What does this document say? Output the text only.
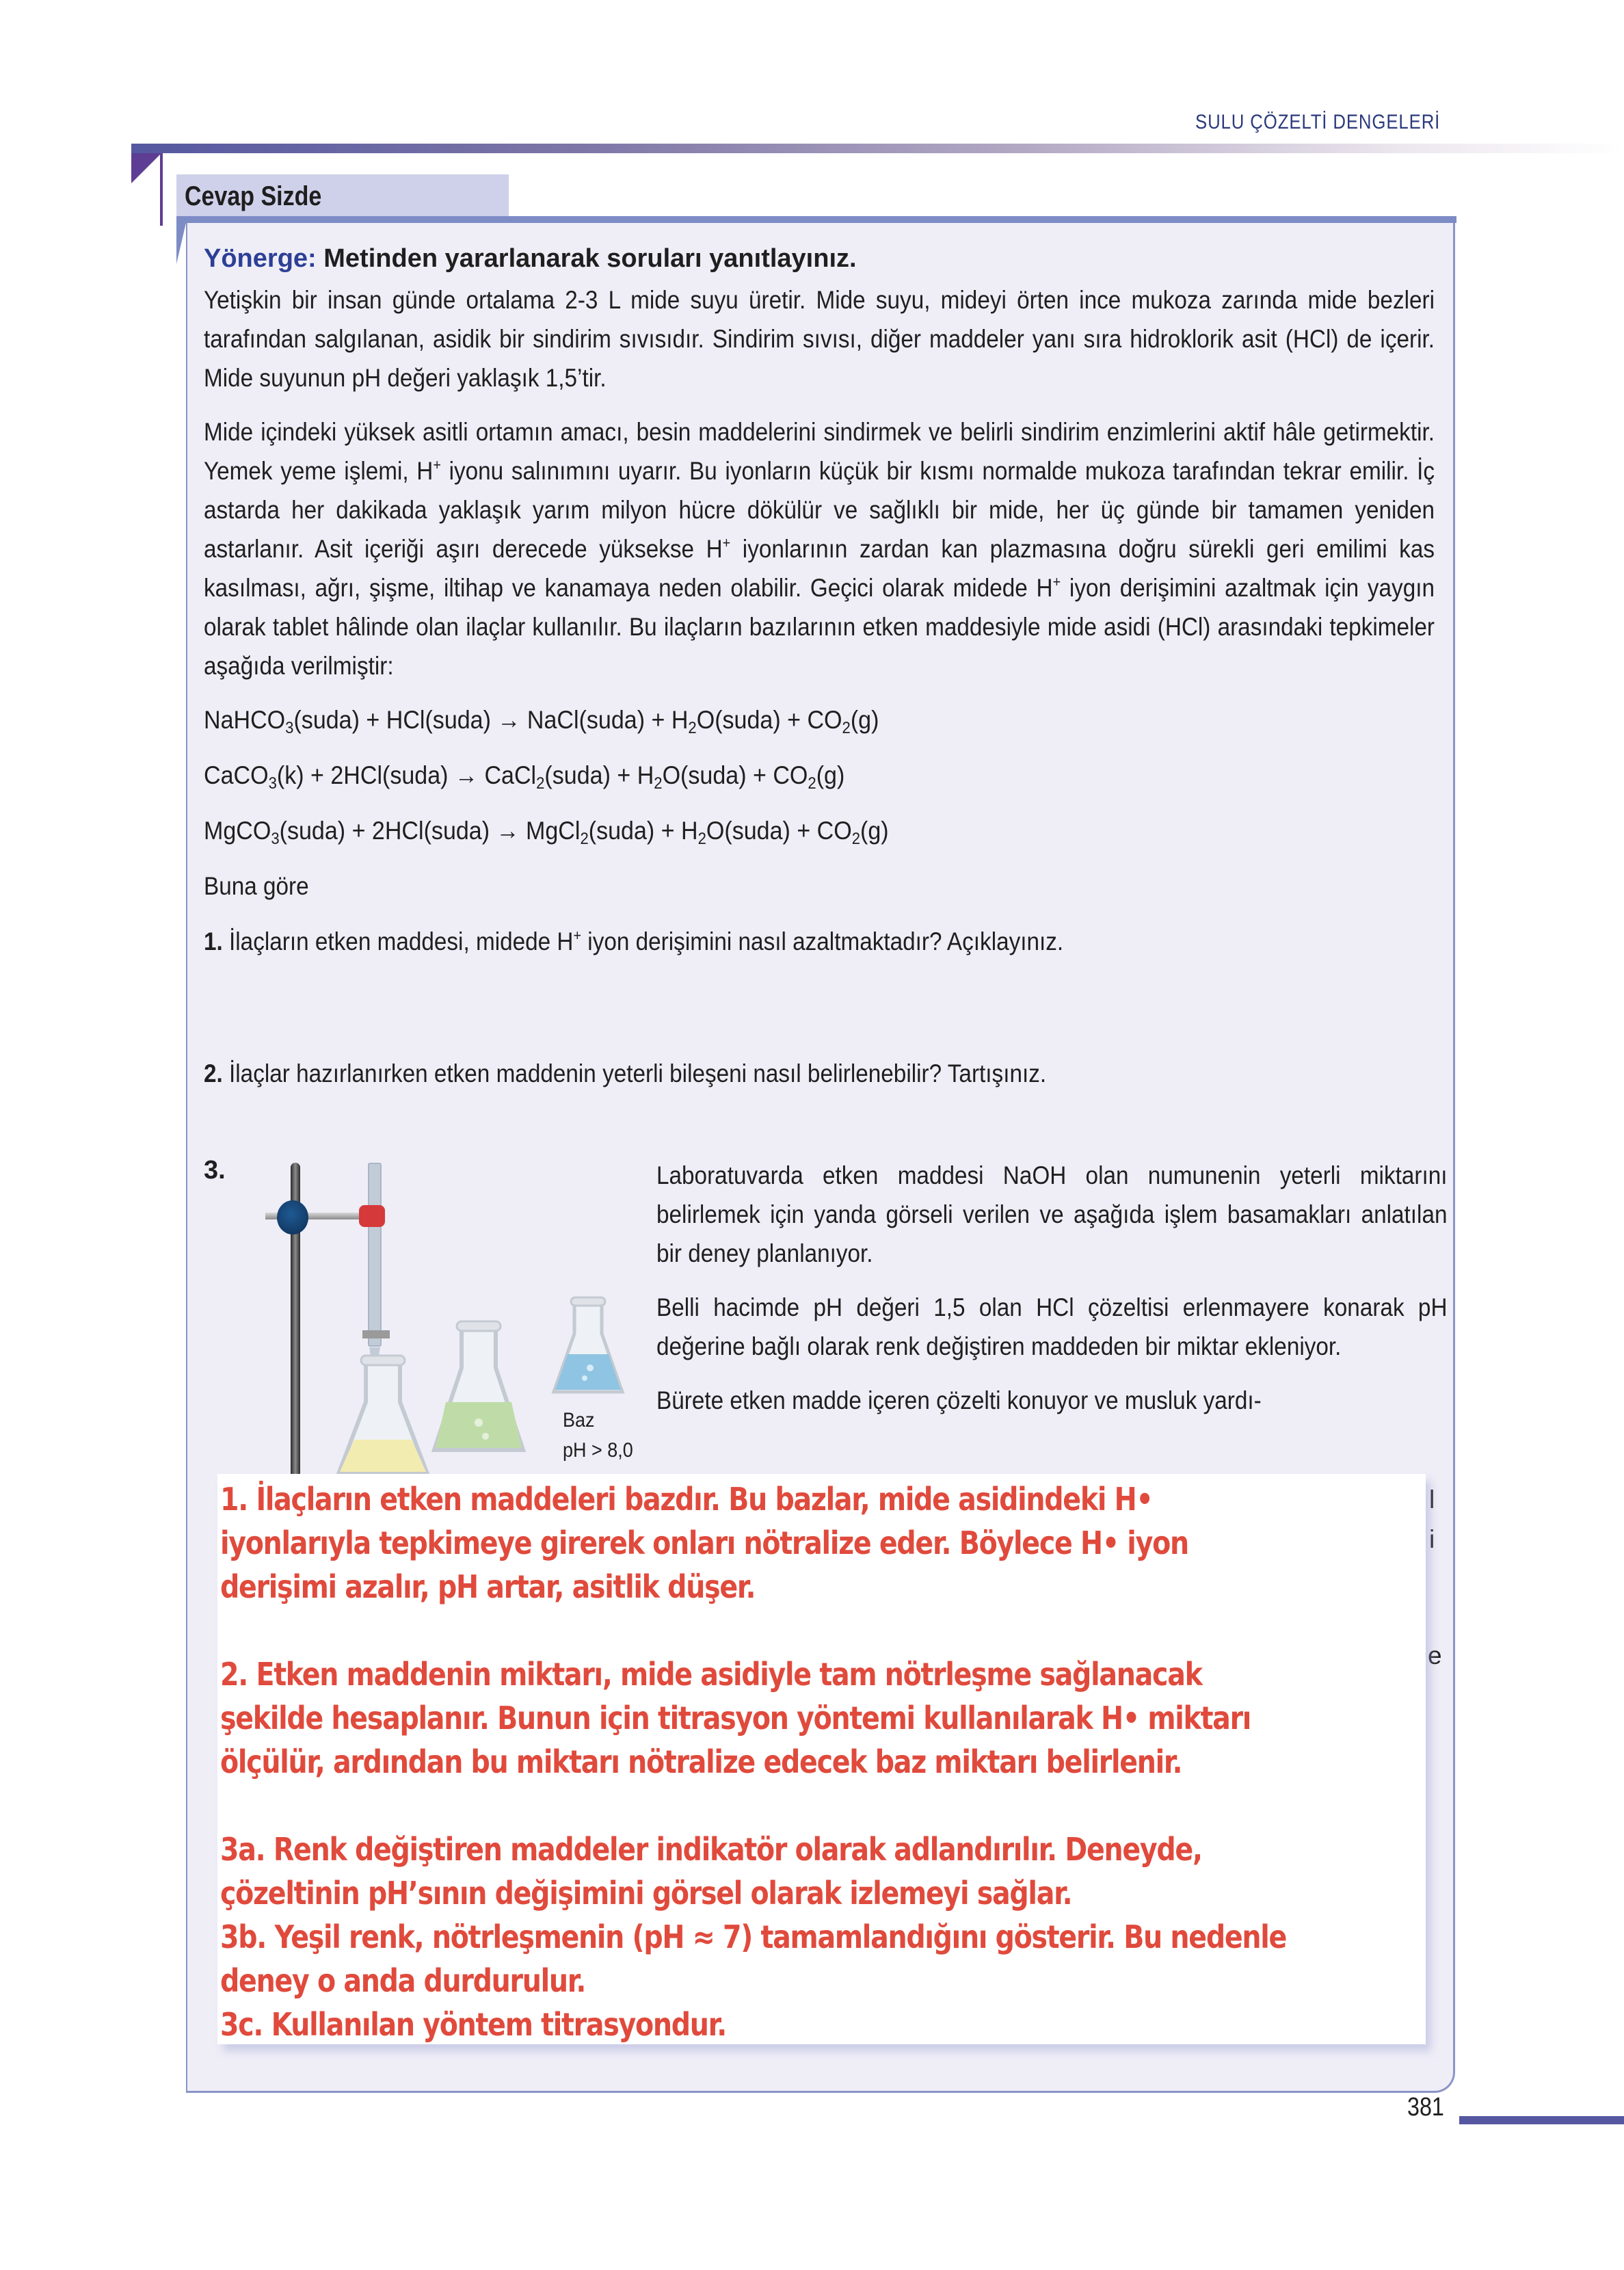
SULU ÇÖZELTİ DENGELERİ
Cevap Sizde

Yönerge: Metinden yararlanarak soruları yanıtlayınız.

Yetişkin bir insan günde ortalama 2-3 L mide suyu üretir. Mide suyu, mideyi örten ince mukoza zarında mide bezleri tarafından salgılanan, asidik bir sindirim sıvısıdır. Sindirim sıvısı, diğer maddeler yanı sıra hidroklorik asit (HCl) de içerir. Mide suyunun pH değeri yaklaşık 1,5’tir.

Mide içindeki yüksek asitli ortamın amacı, besin maddelerini sindirmek ve belirli sindirim enzimlerini aktif hâle getirmektir. Yemek yeme işlemi, H+ iyonu salınımını uyarır. Bu iyonların küçük bir kısmı normalde mukoza tarafından tekrar emilir. İç astarda her dakikada yaklaşık yarım milyon hücre dökülür ve sağlıklı bir mide, her üç günde bir tamamen yeniden astarlanır. Asit içeriği aşırı derecede yüksekse H+ iyonlarının zardan kan plazmasına doğru sürekli geri emilimi kas kasılması, ağrı, şişme, iltihap ve kanamaya neden olabilir. Geçici olarak midede H+ iyon derişimini azaltmak için yaygın olarak tablet hâlinde olan ilaçlar kullanılır. Bu ilaçların bazılarının etken maddesiyle mide asidi (HCl) arasındaki tepkimeler aşağıda verilmiştir:

NaHCO$_3$(suda) + HCl(suda) → NaCl(suda) + $H_2O(suda) + CO_2(g)$

CaCO$_3$(k) + 2HCl(suda) → CaCl$_2$(suda) + $H_2O(suda) + CO_2(g)$

MgCO$_3$(suda) + 2HCl(suda) → MgCl$_2$(suda) + $H_2O(suda) + CO_2(g)$

Buna göre

1. İlaçların etken maddesi, midede H+ iyon derişimini nasıl azaltmaktadır? Açıklayınız.

2. İlaçlar hazırlanırken etken maddenin yeterli bileşeni nasıl belirlenebilir? Tartışınız.

3.	Laboratuvarda etken maddesi NaOH olan numunenin yeterli miktarını belirlemek için yanda görseli verilen ve aşağıda işlem basamakları anlatılan bir deney planlanıyor.

Belli hacimde pH değeri 1,5 olan HCl çözeltisi erlenmayere konarak pH değerine bağlı olarak renk değiştiren maddeden bir miktar ekleniyor.

Bürete etken madde içeren çözelti konuyor ve musluk yardı-

Baz
pH > 8,0
l
i
e

1. İlaçların etken maddeleri bazdır. Bu bazlar, mide asidindeki H•

iyonlarıyla tepkimeye girerek onları nötralize eder. Böylece H• iyon

derişimi azalır, pH artar, asitlik düşer.

2. Etken maddenin miktarı, mide asidiyle tam nötrleşme sağlanacak

şekilde hesaplanır. Bunun için titrasyon yöntemi kullanılarak H• miktarı

ölçülür, ardından bu miktarı nötralize edecek baz miktarı belirlenir.

3a. Renk değiştiren maddeler indikatör olarak adlandırılır. Deneyde,

çözeltinin pH’sının değişimini görsel olarak izlemeyi sağlar.

3b. Yeşil renk, nötrleşmenin (pH ≈ 7) tamamlandığını gösterir. Bu nedenle

deney o anda durdurulur.

3c. Kullanılan yöntem titrasyondur.

381
